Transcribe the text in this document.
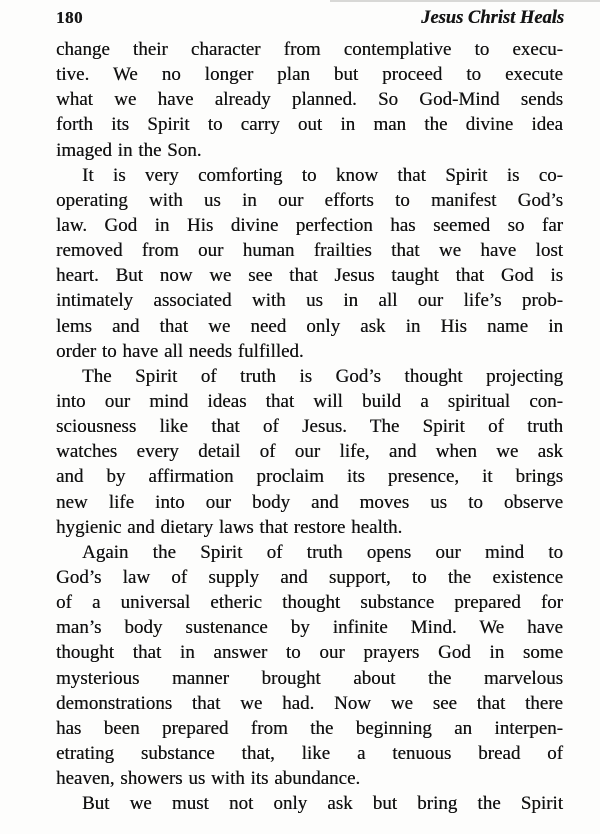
180	Jesus Christ Heals
change their character from contemplative to execu-
tive. We no longer plan but proceed to execute
what we have already planned. So God-Mind sends
forth its Spirit to carry out in man the divine idea
imaged in the Son.
It is very comforting to know that Spirit is co-
operating with us in our efforts to manifest God’s
law. God in His divine perfection has seemed so far
removed from our human frailties that we have lost
heart. But now we see that Jesus taught that God is
intimately associated with us in all our life’s prob-
lems and that we need only ask in His name in
order to have all needs fulfilled.
The Spirit of truth is God’s thought projecting
into our mind ideas that will build a spiritual con-
sciousness like that of Jesus. The Spirit of truth
watches every detail of our life, and when we ask
and by affirmation proclaim its presence, it brings
new life into our body and moves us to observe
hygienic and dietary laws that restore health.
Again the Spirit of truth opens our mind to
God’s law of supply and support, to the existence
of a universal etheric thought substance prepared for
man’s body sustenance by infinite Mind. We have
thought that in answer to our prayers God in some
mysterious manner brought about the marvelous
demonstrations that we had. Now we see that there
has been prepared from the beginning an interpen-
etrating substance that, like a tenuous bread of
heaven, showers us with its abundance.
But we must not only ask but bring the Spirit
